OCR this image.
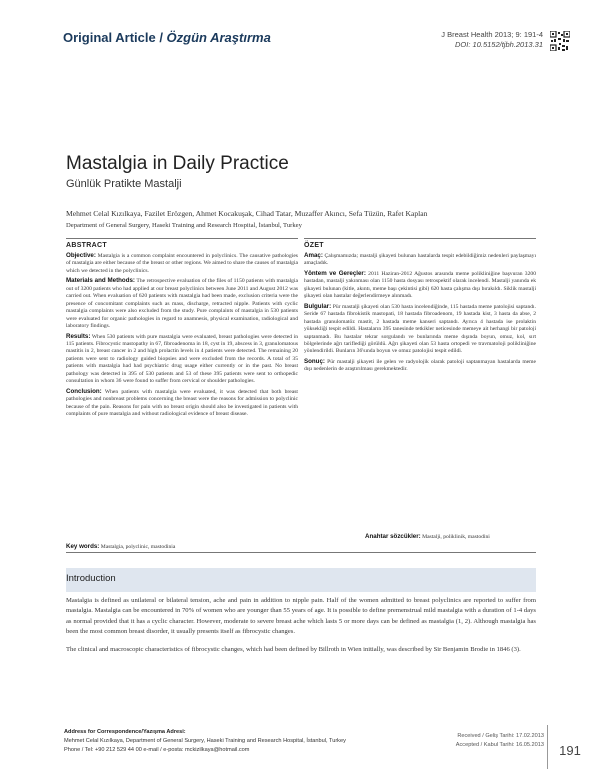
Original Article / Özgün Araştırma	J Breast Health 2013; 9: 191-4
DOI: 10.5152/tjbh.2013.31
Mastalgia in Daily Practice
Günlük Pratikte Mastalji
Mehmet Celal Kızılkaya, Fazilet Erözgen, Ahmet Kocakuşak, Cihad Tatar, Muzaffer Akıncı, Sefa Tüzün, Rafet Kaplan
Department of General Surgery, Haseki Training and Research Hospital, İstanbul, Turkey
ABSTRACT

Objective: Mastalgia is a common complaint encountered in polyclinics. The causative pathologies of mastalgia are either because of the breast or other regions. We aimed to share the causes of mastalgia which we detected in the polyclinics.

Materials and Methods: The retrospective evaluation of the files of 1150 patients with mastalgia out of 3200 patients who had applied at our breast polyclinics between June 2011 and August 2012 was carried out. When evaluation of 620 patients with mastalgia had been made, exclusion criteria were the presence of concomitant complaints such as mass, discharge, retracted nipple. Patients with cyclic mastalgia complaints were also excluded from the study. Pure complaints of mastalgia in 530 patients were evaluated for organic pathologies in regard to anamnesis, physical examination, radiological and laboratory findings.

Results: When 530 patients with pure mastalgia were evaluated, breast pathologies were detected in 115 patients. Fibrocystic mastopathy in 67, fibroadenoma in 18, cyst in 19, abscess in 3, granulomatous mastitis in 2, breast cancer in 2 and high prolactin levels in 4 patients were detected. The remaining 20 patients were sent to radiology guided biopsies and were excluded from the records. A total of 35 patients with mastalgia had had psychiatric drug usage either currently or in the past. No breast pathology was detected in 395 of 530 patients and 53 of these 395 patients were sent to orthopedic consultation in whom 36 were found to suffer from cervical or shoulder pathologies.

Conclusion: When patients with mastalgia were evaluated, it was detected that both breast pathologies and nonbreast problems concerning the breast were the reasons for admission to polyclinic because of the pain. Reasons for pain with no breast origin should also be investigated in patients with complaints of pure mastalgia and without radiological evidence of breast disease.

ÖZET

Amaç: Çalışmamızda; mastalji şikayeti bulunan hastalarda tespit edebildiğimiz nedenleri paylaşmayı amaçladık.

Yöntem ve Gereçler: 2011 Haziran-2012 Ağustos arasında meme polikliniğine başvuran 3200 hastadan, mastalji yakınması olan 1150 hasta dosyası retrospektif olarak incelendi. Mastalji yanında ek şikayeti bulunan (kitle, akıntı, meme başı çekintisi gibi) 620 hasta çalışma dışı bırakıldı. Siklik mastalji şikayeti olan hastalar değerlendirmeye alınmadı.

Bulgular: Pür mastalji şikayeti olan 530 hasta incelendiğinde, 115 hastada meme patolojisi saptandı. Seride 67 hastada fibrokistik mastopati, 18 hastada fibroadenom, 19 hastada kist, 3 hasta da abse, 2 hastada granulomatöz mastit, 2 hastada meme kanseri saptandı. Ayrıca 4 hastada ise prolaktin yüksekliği tespit edildi. Hastaların 395 tanesinde tetkikler neticesinde memeye ait herhangi bir patoloji saptanmadı. Bu hastalar tekrar sorgulandı ve bunlarında meme dışında boyun, omuz, kol, sırt bölgelerinde ağrı tariflediği görüldü. Ağrı şikayeti olan 53 hasta ortopedi ve travmatoloji polikliniğine yönlendirildi. Bunların 36'sında boyun ve omuz patolojisi tespit edildi.

Sonuç: Pür mastalji şikayeti ile gelen ve radyolojik olarak patoloji saptanmayan hastalarda meme dışı nedenlerin de araştırılması gerekmektedir.

Key words: Mastalgia, polyclinic, mastodinia
Anahtar sözcükler: Mastalji, poliklinik, mastodini
Introduction

Mastalgia is defined as unilateral or bilateral tension, ache and pain in addition to nipple pain. Half of the women admitted to breast polyclinics are reported to suffer from mastalgia. Mastalgia can be encountered in 70% of women who are younger than 55 years of age. It is possible to define premenstrual mild mastalgia with a duration of 1-4 days as normal provided that it has a cyclic character. However, moderate to severe breast ache which lasts 5 or more days can be defined as mastalgia (1, 2). Although mastalgia has been the most common breast disorder, it usually presents itself as fibrocystic changes.

The clinical and macroscopic characteristics of fibrocystic changes, which had been defined by Billroth in Wien initially, was described by Sir Benjamin Brodie in 1846 (3).

Address for Correspondence/Yazışma Adresi:
Mehmet Celal Kızılkaya, Department of General Surgery, Haseki Training and Research Hospital, İstanbul, Turkey
Phone / Tel: +90 212 529 44 00 e-mail / e-posta: mckizilkaya@hotmail.com
Received / Geliş Tarihi: 17.02.2013
Accepted / Kabul Tarihi: 16.05.2013	191
